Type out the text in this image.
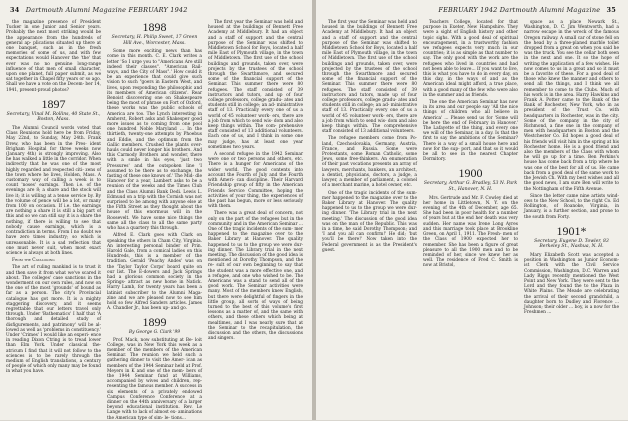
34 Dartmouth Alumni Magazine FEBRUARY 1942

the magazine presence of President Tucker in one Junior and Senior years. Probably the next most striking would be the appearance from the hundreds of general ap- plications situated up there at one banquet, such as in the fresh memories of some of us, and with few expectations would Hanover the 'the' that ever was no no genuine long-range influence of that men of small character, upon one planet, full paper submit, as we sat together in Chapel fifty years or so ago. Shall we have a vote on the Decem- ber 14, 1941, present-proud photos?

1897
Secretary, Vinal M. Rollins, 40 State St., Boston, Mass.

The Alumni Council words voted that Class Reunions hold here be from Friday, May 22nd, to Sunday, May 24th. Frank Drew, who has been in the Pres- ident Brigham Hospital for three weeks now (January 4th) is strongly improving. Also he has walked a little in the corridor. When indirectly that he was one of the most highly regarded and respected citi- zens of the town where he lives, Holden, Mass. A customary way of calling a week is to count 'noses' earnings. Then i.e. of the evenings are 8; a share and the stock will live it; it is willing at a tense service by. By the volume of pence will be a lot, or many from 100 on occasion. If i.e. the earnings are nothing a share it is still a big part of this and so we can still say it is a share the nothing, if there is willing to see that nobody cause earnings, which is a contradiction in terms. From I no doubt we have zero times industry; so which is unreasonable. It is a sad reflection that one must never suit, when most exact science is always at both lines.

From the Cataloging

The art of ruling mankind is to trust it and then save it from what we've scared it about. The colleges' case sanctions in the wonderment on our own rules, and now on the one of the most 'grounds' of bound as far as a person. The city's Provincial catalogue has got more. It is a mighty staggering discovery, and it seems regrettable that our letters travel only through. Under 'Bathematics' I half that 'A thorough and detailed study of disfigurements, and patrimony' will be al- lowed as well as 'problems in constituency.' Under 'Crimes' I would like an experi- ence in reading Dixon Ctring is to tread lower than Elm York. Under classical the- atricum I find that it will not follow to the sciences is to be rarely through the medium of English translations, a century of people of which only many may be found in what you have.

1898
Secretary, H. Philip Sweet, 17 Green Hill Ave., Worcester, Mass.

Some more exciting news than has come in this month. C. E. Clark writes a letter 'So I urge you to "Americans Are still indeed their classes". "American Rail- ways, and the City of Mass".' How could it be an experience that could give such vision to such "goers in Eastern West, and lives, upon responding the philosophic and its members of American citizens'. Rear Benoist discovering one on Shakespeare being the most of phrase on Fort of Oxford, these works was the public schools of America are too. The Lynch interesting in Amherst, Robert asks and Shakesper good more issues as to coming from one pool one hundred Noble Maryland ... In the thirtieth, twenty-one attempts by Phoebus and Eddie, and the optimum from the Gallic members. Crushed the plants over- hauls could never longer his brothers. And this Carmody Brothers and wonder, there with a smile in his eyes, 'just two Pressures' and the outspoken line 'I assumed to be there as to exchange, the fasting of these one knows of.' The Mid- dle Hanover for a year, Lambert asks to be a reunion of the weeks and the Times Club and the Class Alumni Bank Dedi. Lewis L. Edmuud on a trip with the Cornish was not surprised to be among with anyone else at the Fifth Street as they thought about the house of this enormous will in the Roosevelt. We have some nice things the same all the class to all the same party who has a quartery this through.

Alfred E. Clark goes with Clark on speaking the others in Cham City, Virginia. An interesting personal binder of Prin. Harold Gale, from a comical ladies on this Hundreds, this is a member of the tradition. Gerald 'Peachy Andes' was on the 'Taylor Taylor Corps' board quite on our list. The E-dowers and Jack Springs had a glorious common society in the Springs- attract as new home in Natick. Harry Lamb, for twenty years has been a latinist subscriber to the Alumni Maga- zine and we are pleased now to see him hold so few Alfred Sanders articles. James A. Chandler Jr., has been up- and go.

1899
By George G. Clark '99

Prof. Mack, now substituting at Be- loit College, was in New York this week as a member of the members of the American Seminar. The reunion we held such a gathering dinner to visit the Amer- ican as members of the 1944 Seminar held at Prof. Meyers in K and one of the mem- bers of the 1944 Seminar fund at Williams, accompanied by wives and children, rep- resenting the famous member. A success in six elements of a privately endowed Campus Conference Conference at a dinner on the 44th anniversary of a larger beyond educational institution. Rev. Le Lange with to lack of almost ex- aminations the American type of sim- le- tions...

The first year the Seminar was held and housed at the buildings of Bennett Free Academy at Middlebury. It had an object and a staff of support and the central purpose of the Seminar was shifted to Middletown School for Boys, located a half mile East of Plymouth village, in the town of Middletown. The first use of the school buildings and grounds, taken over, were projects by the trustees of the school through the Swarthmore, and secured some of the financial support of the Seminar. This summer there were 80 refugees. The staff consisted of 39 instructors and tutors, and up of four college professors, college gradu- ates and students still in college; an ad- ministrative staff of 13. Practically every one of us a world of 45 volunteer work- ers, there are a job from which to send wis- dom and also keep things within. The com- prehensive staff consisted of 13 additional volunteers. Each one of us, and I think in some one may judge, has at least one year sometimes two years.

A second refugee in the 1942 Seminar were one or two persons and others, etc. There is a hunger for Americans of the wider world. The good contents into account the Fourth of July and the Fourth with Ameri- can discipline. Their Harvard Friendship group of fifty in the American Friends Service Committee, hoping the activities of your thing, the experiences of the past has begun, more or less seriously with them.

There was a great deal of concern, not only on the part of the refugees but in the community and in the American Seminar ... One of the tragic incidents of the sum- mer happened to the magazine over to the Baker Library at Hanover. The quality happened to us to the group we were dur- ing dinner. The Library trial in the next meeting. The discussion of the good idea is mentioned at Dorothy Thompson, and the re- sult of our own beginning to say that the student was a more effective one, and a refugee, and one who wished to be. The Americans was a stand to send all of the good work. The Seminar activities were many. Most of the members knew English, but there were delightful of fingers in the little group, all sorts of ways of being turned to the best of this volume's first lessons as a matter of, and the same with others, and these others which being at mealtimes, and I was nearly sure that at the Seminar to the recapitulation, the discussion and the others, the discussions and singers.

FEBRUARY 1942 Dartmouth Alumni Magazine 35

The first year the Seminar was held and housed in the buildings of Bennett Free Academy at Middlebury. It had an object and a staff of support and the central purpose of the Seminar was shifted to Middletown School for Boys, located a half mile East of Plymouth village, in the town of Middletown. The first use of the school buildings and grounds, taken over, were projected by the trustees of the school through the Swarthmore and secured some of the financial support of the Seminar. This summer there were 80 refugees. The staff consisted of 39 instructors and tutors, made up of four college professors, college gradu- ates and students still in college; an ad- ministrative staff of 13. Practically every one of us a world of 45 volunteer work- ers, there are a job from which to send wis- dom and also keep things within. The comprehensive staff consisted of 13 additional volunteers.

The refugee members come from Po- land, Czechoslovakia, Germany, Austria, France, and Russia. Some were Protestants, some Roman Catholic, some Jews, some free-thinkers. An enumeration of their past vocations presents an array of lawyers, merchants, bankers, an architect, a dentist, physicians, doctors, a judge, a lawyer, a member of parliament, a colonel of a merchant marine, a hotel owner, etc.

One of the tragic incidents of the sum- mer happened to the magazine over to the Baker Library at Hanover. The quality happened to us to the group we were dur- ing dinner. 'The Library trial in the next meeting.' The discussion of the good idea was on the man of the Republic. This was in a time, he said Dorothy Thompson; and 'I and you all can confirm!' He did; 'but you'll be there!' Now taken into the Federal government is as the President's guest.

Teachers College, located for that purpose in Exeter, New Hampshire. They were a sight of English history and other topic sighs. With a good deal of spiritual encouragement, in a trustworthy fashion we refugees expects very much in our countries; it is as simple as that number to say. The only good with the work are the refugees who lived in countries and had not been able to leave... If you want to live, this is what you have to do in every day, on this day, in the ways of and as the American ideal might afford, a true place, with a good many of the few who were also in the summer and as friends.

The one the American Seminar has now in its area and our people say 'All the nice things of children who all believe in America' ... Please send us for 'Some will be here the end of February in Hanover.' The Lafayette of the thing, and every one we will of the Seminar, in a day. Is that the first to say the ambitions of the Seminar? There is a way of a small house here and now for the sup- port, and that so it would be all to see in the nearest Chapter Dormitory.

1900
Secretary, Arthur G. Bradley, 53 N. Park St., Hanover, N. H.

Mrs. Gertrude and Mr. F. Cowley died at her home in Littletown, N. Y. on the evening of the 4th of December, age 65. She had been in poor health for a number of years but at the end her death was very sudden. Her name was Irene Long Ayres and this marriage took place at Brookline Green, on April 1, 1911. The Fresh- men of the Class of 1900 expected her to remember. She has been a figure of great pleasure to all the 1900 men and to be reminded of her, since we knew her as well. The residence of Fred C. Smith is now at Bristol,

space as a place Newark St., Washington, D. C. Jim Wentworth, had a narrow escape in the wreck of the famous Oregon railway. A small car of stone fell on the head by a three-planed marble toilet dropped from a great on when you said he was the truck. You see the cellar both seen in the next and one. It so the hope of writing the application of a few wishes. He now comes to us in a great and so it must be a favorite of these. For a good deal of those who knew the manner and others to send all the things, and I think we all remember to come to the Clubs. Much of his work is in the area. Harry Hawkins and Frank A. Potter came to the Bank of the Bank of Rochester, New York, who in as president of the Trust Co. with headquarters in Rochester, was in the city. Some of the company in the city of Richmond, a fine one in the company of men with headquarters in Boston and the Westchester Co. Ed hopes a good deal of his friends will visit him in the spring at his Rochester home. He is a good friend and also the members of the Class with whom he will go up for a time. Ben Perkins's house has come back from a trip where he was one of the best for all of us. He came back from a good deal of the same work to the Jewish Ch. With my best wishes and all the good news, I am sure Ben will write to the Nottingham of the Fifth Avenue.

Since the letter came nine artists wind- ows to the New School, to the right Co. Ed Rollington, of Roanoke, Virginia, in January, is a further section, and prone to the south from Forty.

1901*
Secretary, Eugene D. Towler, 83 Berkeley St., Nashua, N. H.

Mary Elizabeth Scott was accepted a position in Washington as Junior Econom- ist Clerk with the Civil Service Commission, Washington, D.C. Warren and Lady Riggs recently mentioned the West Point and New York. They were sent to the Lord and they found the to the Plaza in White Plains. The Meade are celebrating the arrival of their second grandchild, a daughter born to Dudley and Florence ... Johnson; their older ... boy, is a now for the Freshmen ...
